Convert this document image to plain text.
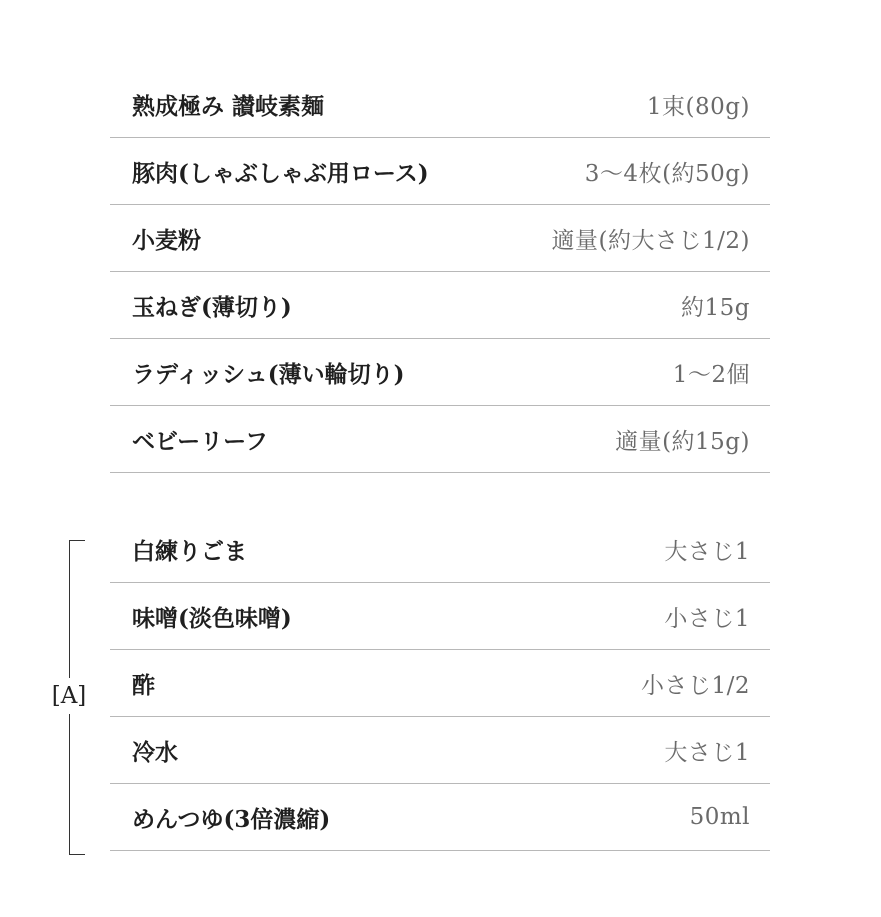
熟成極み 讃岐素麺	1束(80g)
豚肉(しゃぶしゃぶ用ロース)	3～4枚(約50g)
小麦粉	適量(約大さじ1/2)
玉ねぎ(薄切り)	約15g
ラディッシュ(薄い輪切り)	1～2個
ベビーリーフ	適量(約15g)
[A]
白練りごま	大さじ1
味噌(淡色味噌)	小さじ1
酢	小さじ1/2
冷水	大さじ1
めんつゆ(3倍濃縮)	50ml
